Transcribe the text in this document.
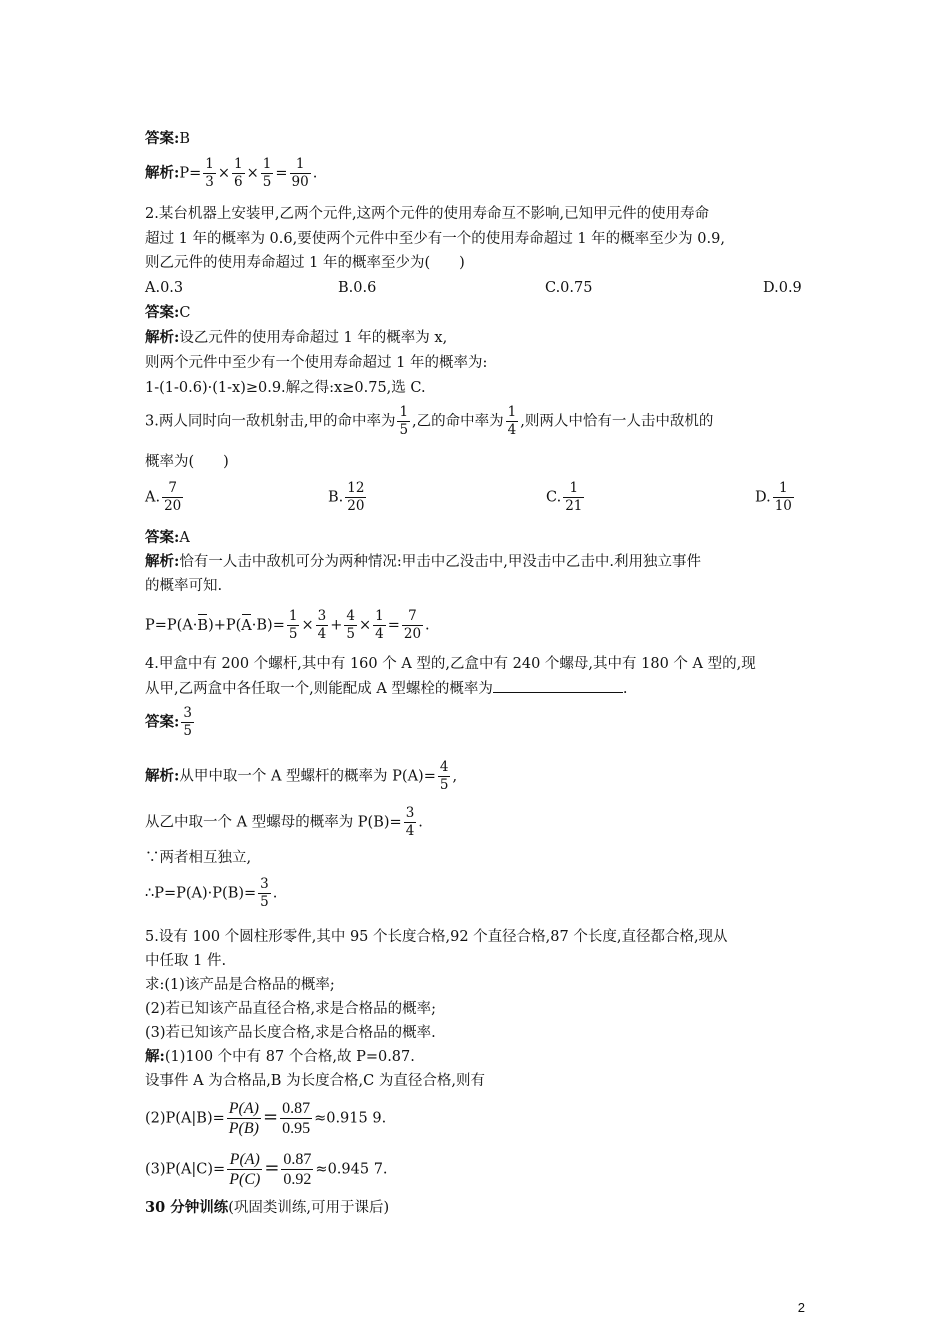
答案:B
解析:P= $\frac{1}{3} \times \frac{1}{6} \times \frac{1}{5} = \frac{1}{90}$ .
2.某台机器上安装甲,乙两个元件,这两个元件的使用寿命互不影响,已知甲元件的使用寿命
超过 1 年的概率为 0.6,要使两个元件中至少有一个的使用寿命超过 1 年的概率至少为 0.9,
则乙元件的使用寿命超过 1 年的概率至少为(　　)
A.0.3	B.0.6	C.0.75	D.0.9
答案:C
解析:设乙元件的使用寿命超过 1 年的概率为 x,
则两个元件中至少有一个使用寿命超过 1 年的概率为:
1-(1-0.6)·(1-x)≥0.9.解之得:x≥0.75,选 C.
3.两人同时向一敌机射击,甲的命中率为 $\frac{1}{5}$ ,乙的命中率为 $\frac{1}{4}$ ,则两人中恰有一人击中敌机的
概率为(　　)
A. $\frac{7}{20}$	B. $\frac{12}{20}$	C. $\frac{1}{21}$	D. $\frac{1}{10}$
答案:A
解析:恰有一人击中敌机可分为两种情况:甲击中乙没击中,甲没击中乙击中.利用独立事件
的概率可知.
$P=P(A\cdot B)+P(A\cdot B)= \frac{1}{5} \times \frac{3}{4} + \frac{4}{5} \times \frac{1}{4} = \frac{7}{20}$ .
4.甲盒中有 200 个螺杆,其中有 160 个 A 型的,乙盒中有 240 个螺母,其中有 180 个 A 型的,现
从甲,乙两盒中各任取一个,则能配成 A 型螺栓的概率为	.
答案: $\frac{3}{5}$
解析:从甲中取一个 A 型螺杆的概率为 $P(A)= \frac{4}{5}$ ,
从乙中取一个 A 型螺母的概率为 $P(B)= \frac{3}{4}$ .
∵两者相互独立,
∴P=P(A)·P(B)= $\frac{3}{5}$ .
5.设有 100 个圆柱形零件,其中 95 个长度合格,92 个直径合格,87 个长度,直径都合格,现从
中任取 1 件.
求:(1)该产品是合格品的概率;
(2)若已知该产品直径合格,求是合格品的概率;
(3)若已知该产品长度合格,求是合格品的概率.
解:(1)100 个中有 87 个合格,故 P=0.87.
设事件 A 为合格品,B 为长度合格,C 为直径合格,则有
$(2)P(A|B)= \frac{P(A)}{P(B)} = \frac{0.87}{0.95} \approx 0.915$ 9.
$(3)P(A|C)= \frac{P(A)}{P(C)} = \frac{0.87}{0.92} \approx 0.945$ 7.
30 分钟训练(巩固类训练,可用于课后)
2
